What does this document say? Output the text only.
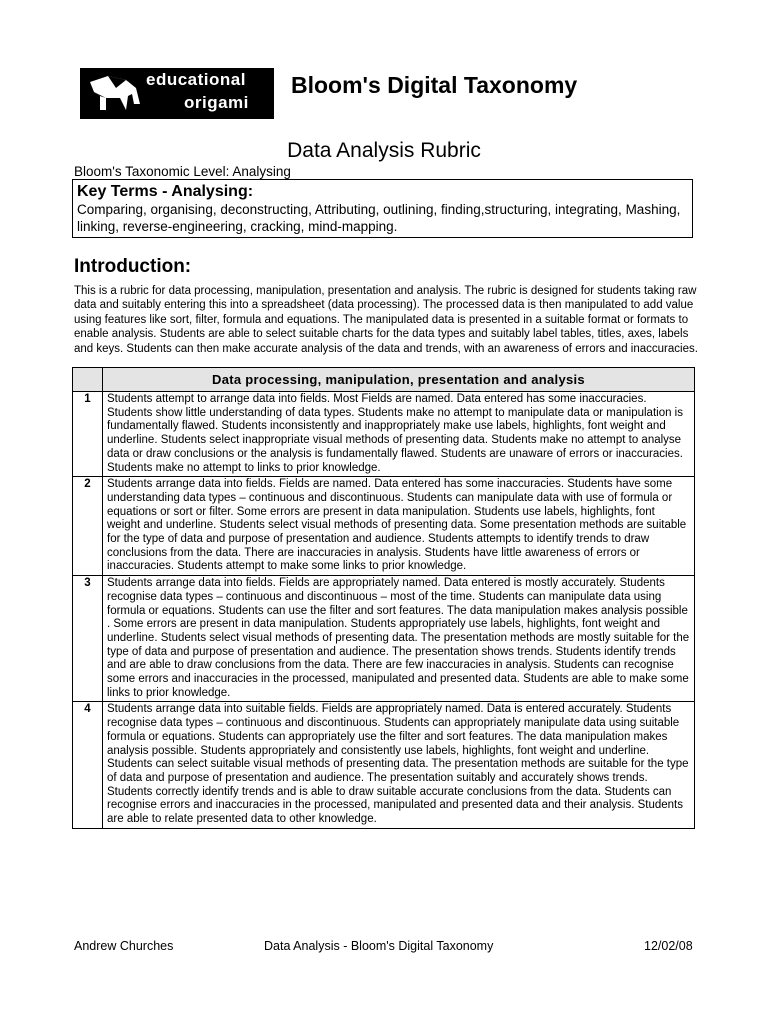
educational
origami
Bloom's Digital Taxonomy
Data Analysis Rubric
Bloom's Taxonomic Level: Analysing
Key Terms - Analysing:
Comparing, organising, deconstructing, Attributing, outlining, finding,structuring, integrating, Mashing, linking, reverse-engineering, cracking, mind-mapping.
Introduction:
This is a rubric for data processing, manipulation, presentation and analysis. The rubric is designed for students taking raw data and suitably entering this into a spreadsheet (data processing). The processed data is then manipulated to add value using features like sort, filter, formula and equations. The manipulated data is presented in a suitable format or formats to enable analysis. Students are able to select suitable charts for the data types and suitably label tables, titles, axes, labels and keys. Students can then make accurate analysis of the data and trends, with an awareness of errors and inaccuracies.
	Data processing, manipulation, presentation and analysis
1	Students attempt to arrange data into fields. Most Fields are named. Data entered has some inaccuracies. Students show little understanding of data types. Students make no attempt to manipulate data or manipulation is fundamentally flawed. Students inconsistently and inappropriately make use labels, highlights, font weight and underline. Students select inappropriate visual methods of presenting data. Students make no attempt to analyse data or draw conclusions or the analysis is fundamentally flawed. Students are unaware of errors or inaccuracies. Students make no attempt to links to prior knowledge.
2	Students arrange data into fields. Fields are named. Data entered has some inaccuracies. Students have some understanding data types – continuous and discontinuous. Students can manipulate data with use of formula or equations or sort or filter. Some errors are present in data manipulation. Students use labels, highlights, font weight and underline. Students select visual methods of presenting data. Some presentation methods are suitable for the type of data and purpose of presentation and audience. Students attempts to identify trends to draw conclusions from the data. There are inaccuracies in analysis. Students have little awareness of errors or inaccuracies. Students attempt to make some links to prior knowledge.
3	Students arrange data into fields. Fields are appropriately named. Data entered is mostly accurately. Students recognise data types – continuous and discontinuous – most of the time. Students can manipulate data using formula or equations. Students can use the filter and sort features. The data manipulation makes analysis possible . Some errors are present in data manipulation. Students appropriately use labels, highlights, font weight and underline. Students select visual methods of presenting data. The presentation methods are mostly suitable for the type of data and purpose of presentation and audience. The presentation shows trends. Students identify trends and are able to draw conclusions from the data. There are few inaccuracies in analysis. Students can recognise some errors and inaccuracies in the processed, manipulated and presented data. Students are able to make some links to prior knowledge.
4	Students arrange data into suitable fields. Fields are appropriately named. Data is entered accurately. Students recognise data types – continuous and discontinuous. Students can appropriately manipulate data using suitable formula or equations. Students can appropriately use the filter and sort features. The data manipulation makes analysis possible. Students appropriately and consistently use labels, highlights, font weight and underline. Students can select suitable visual methods of presenting data. The presentation methods are suitable for the type of data and purpose of presentation and audience. The presentation suitably and accurately shows trends. Students correctly identify trends and is able to draw suitable accurate conclusions from the data. Students can recognise errors and inaccuracies in the processed, manipulated and presented data and their analysis. Students are able to relate presented data to other knowledge.
Andrew Churches	Data Analysis - Bloom's Digital Taxonomy	12/02/08
